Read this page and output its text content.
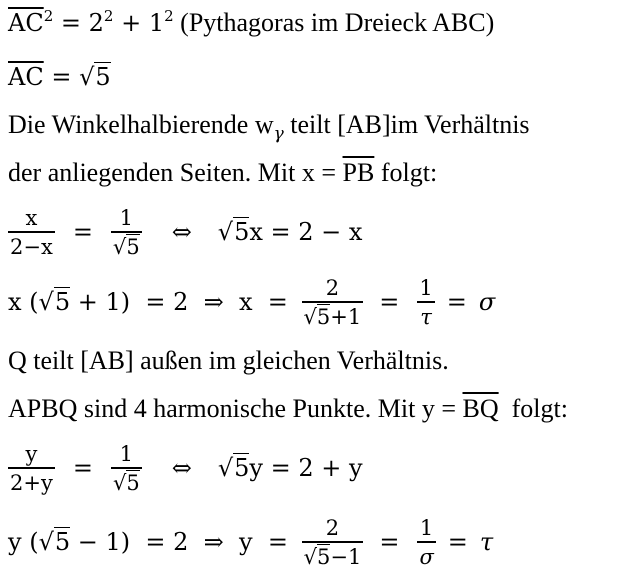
$\overline{AC}^2 = 2^2 + 1^2$ (Pythagoras im Dreieck ABC)
$\overline{AC} = √5$
Die Winkelhalbierende $w_\gamma$ teilt [AB]im Verhältnis
der anliegenden Seiten. Mit $x = \overline{PB}$ folgt:
$\frac{x}{2-x} = \frac{1}{√5}$ ⇔ √5 x = 2 − x
x ( √5 + 1)  = 2  ⇒  $x = \frac{2}{√5+1} = \frac{1}{\tau} = \sigma$
Q teilt [AB] außen im gleichen Verhältnis.
APBQ sind 4 harmonische Punkte. Mit $y = \overline{BQ}$  folgt:
$\frac{y}{2+y} = \frac{1}{√5}$ ⇔ √5 y = 2 + y
y ( √5 − 1)  = 2  ⇒  $y = \frac{2}{√5-1} = \frac{1}{\sigma} = \tau$
